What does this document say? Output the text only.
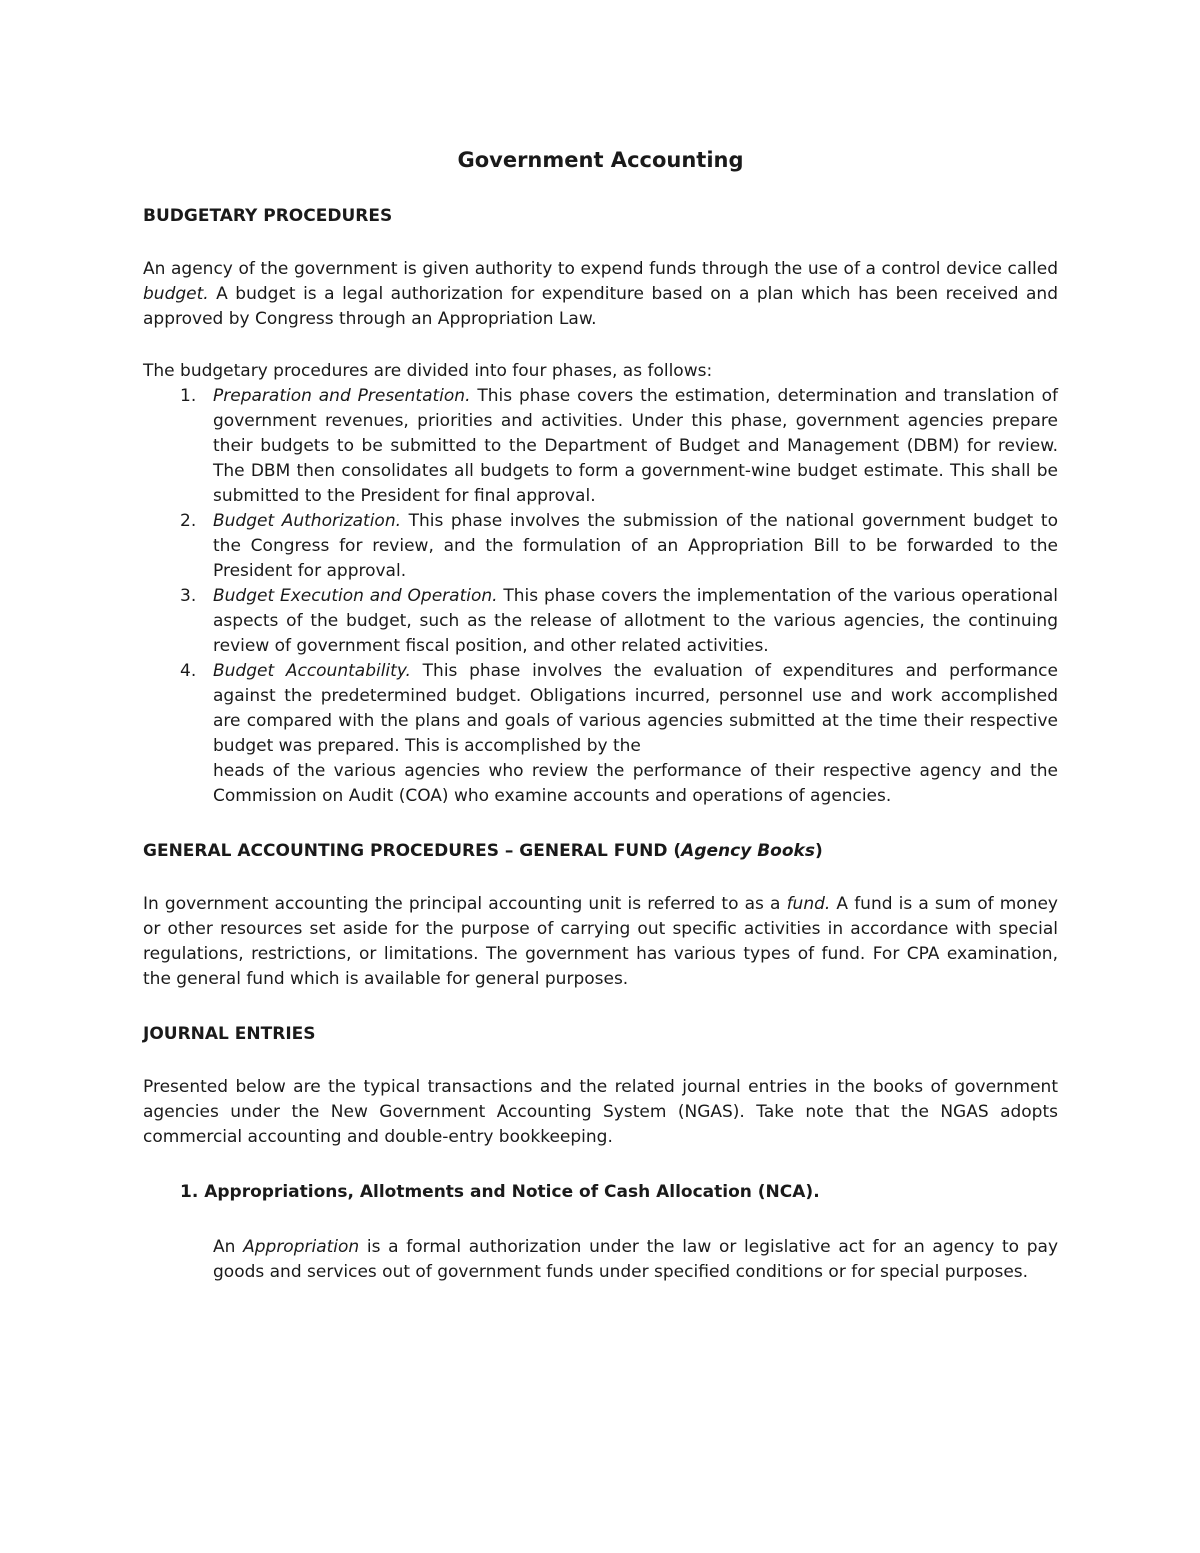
Government Accounting

BUDGETARY PROCEDURES

An agency of the government is given authority to expend funds through the use of a control device called budget. A budget is a legal authorization for expenditure based on a plan which has been received and approved by Congress through an Appropriation Law.

The budgetary procedures are divided into four phases, as follows:

1. Preparation and Presentation. This phase covers the estimation, determination and translation of government revenues, priorities and activities. Under this phase, government agencies prepare their budgets to be submitted to the Department of Budget and Management (DBM) for review. The DBM then consolidates all budgets to form a government-wine budget estimate. This shall be submitted to the President for final approval.
2. Budget Authorization. This phase involves the submission of the national government budget to the Congress for review, and the formulation of an Appropriation Bill to be forwarded to the President for approval.
3. Budget Execution and Operation. This phase covers the implementation of the various operational aspects of the budget, such as the release of allotment to the various agencies, the continuing review of government fiscal position, and other related activities.
4. Budget Accountability. This phase involves the evaluation of expenditures and performance against the predetermined budget. Obligations incurred, personnel use and work accomplished are compared with the plans and goals of various agencies submitted at the time their respective budget was prepared. This is accomplished by the
heads of the various agencies who review the performance of their respective agency and the Commission on Audit (COA) who examine accounts and operations of agencies.

GENERAL ACCOUNTING PROCEDURES – GENERAL FUND (Agency Books)

In government accounting the principal accounting unit is referred to as a fund. A fund is a sum of money or other resources set aside for the purpose of carrying out specific activities in accordance with special regulations, restrictions, or limitations. The government has various types of fund. For CPA examination, the general fund which is available for general purposes.

JOURNAL ENTRIES

Presented below are the typical transactions and the related journal entries in the books of government agencies under the New Government Accounting System (NGAS). Take note that the NGAS adopts commercial accounting and double-entry bookkeeping.

1. Appropriations, Allotments and Notice of Cash Allocation (NCA).

An Appropriation is a formal authorization under the law or legislative act for an agency to pay goods and services out of government funds under specified conditions or for special purposes.
